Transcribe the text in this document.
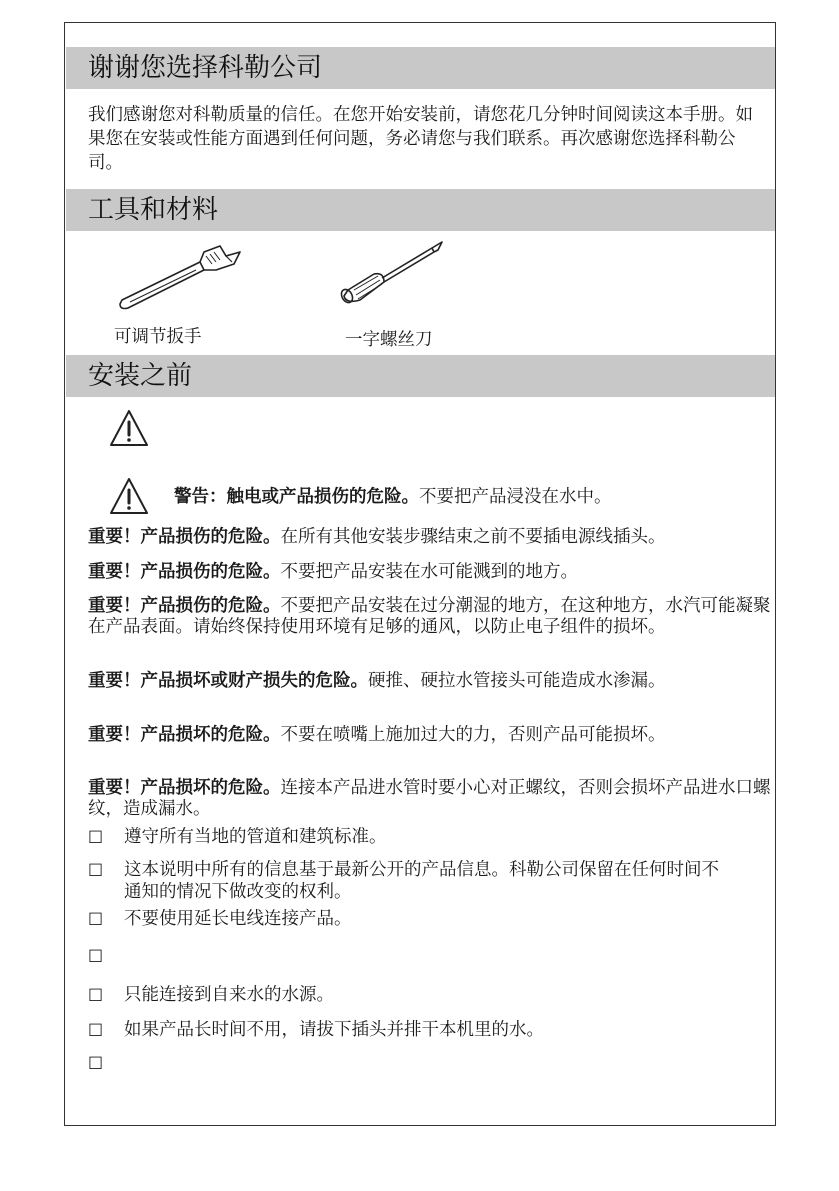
谢谢您选择科勒公司
我们感谢您对科勒质量的信任。在您开始安装前，请您花几分钟时间阅读这本手册。如果您在安装或性能方面遇到任何问题，务必请您与我们联系。再次感谢您选择科勒公司。
工具和材料
可调节扳手	一字螺丝刀
安装之前
警告：触电或产品损伤的危险。不要把产品浸没在水中。
重要！产品损伤的危险。在所有其他安装步骤结束之前不要插电源线插头。
重要！产品损伤的危险。不要把产品安装在水可能溅到的地方。
重要！产品损伤的危险。不要把产品安装在过分潮湿的地方，在这种地方，水汽可能凝聚在产品表面。请始终保持使用环境有足够的通风，以防止电子组件的损坏。
重要！产品损坏或财产损失的危险。硬推、硬拉水管接头可能造成水渗漏。
重要！产品损坏的危险。不要在喷嘴上施加过大的力，否则产品可能损坏。
重要！产品损坏的危险。连接本产品进水管时要小心对正螺纹，否则会损坏产品进水口螺纹，造成漏水。
□ 遵守所有当地的管道和建筑标准。
□ 这本说明中所有的信息基于最新公开的产品信息。科勒公司保留在任何时间不通知的情况下做改变的权利。
□ 不要使用延长电线连接产品。
□
□ 只能连接到自来水的水源。
□ 如果产品长时间不用，请拔下插头并排干本机里的水。
□
